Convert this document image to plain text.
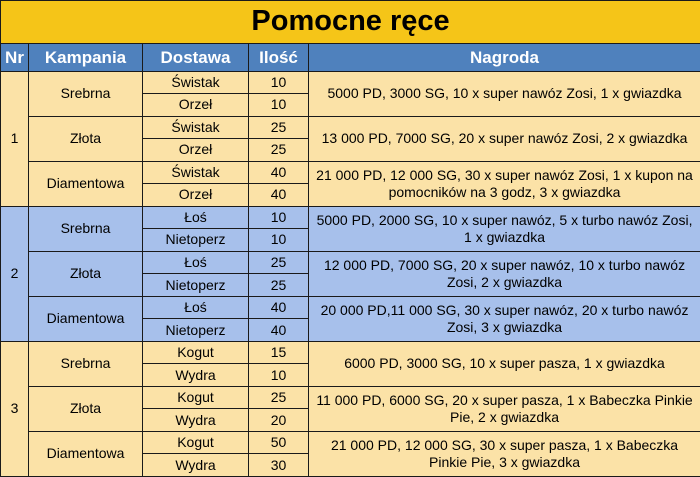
Pomocne ręce				
Nr	Kampania	Dostawa	Ilość	Nagroda
1	Srebrna	Świstak	10	5000 PD, 3000 SG, 10 x super nawóz Zosi, 1 x gwiazdka
		Orzeł	10	
	Złota	Świstak	25	13 000 PD, 7000 SG, 20 x super nawóz Zosi, 2 x gwiazdka
		Orzeł	25	
	Diamentowa	Świstak	40	21 000 PD, 12 000 SG, 30 x super nawóz Zosi, 1 x kupon na pomocników na 3 godz, 3 x gwiazdka
		Orzeł	40	
2	Srebrna	Łoś	10	5000 PD, 2000 SG, 10 x super nawóz, 5 x turbo nawóz Zosi, 1 x gwiazdka
		Nietoperz	10	
	Złota	Łoś	25	12 000 PD, 7000 SG, 20 x super nawóz, 10 x turbo nawóz Zosi, 2 x gwiazdka
		Nietoperz	25	
	Diamentowa	Łoś	40	20 000 PD,11 000 SG, 30 x super nawóz, 20 x turbo nawóz Zosi, 3 x gwiazdka
		Nietoperz	40	
3	Srebrna	Kogut	15	6000 PD, 3000 SG, 10 x super pasza, 1 x gwiazdka
		Wydra	10	
	Złota	Kogut	25	11 000 PD, 6000 SG, 20 x super pasza, 1 x Babeczka Pinkie Pie, 2 x gwiazdka
		Wydra	20	
	Diamentowa	Kogut	50	21 000 PD, 12 000 SG, 30 x super pasza, 1 x Babeczka Pinkie Pie, 3 x gwiazdka
		Wydra	30	
